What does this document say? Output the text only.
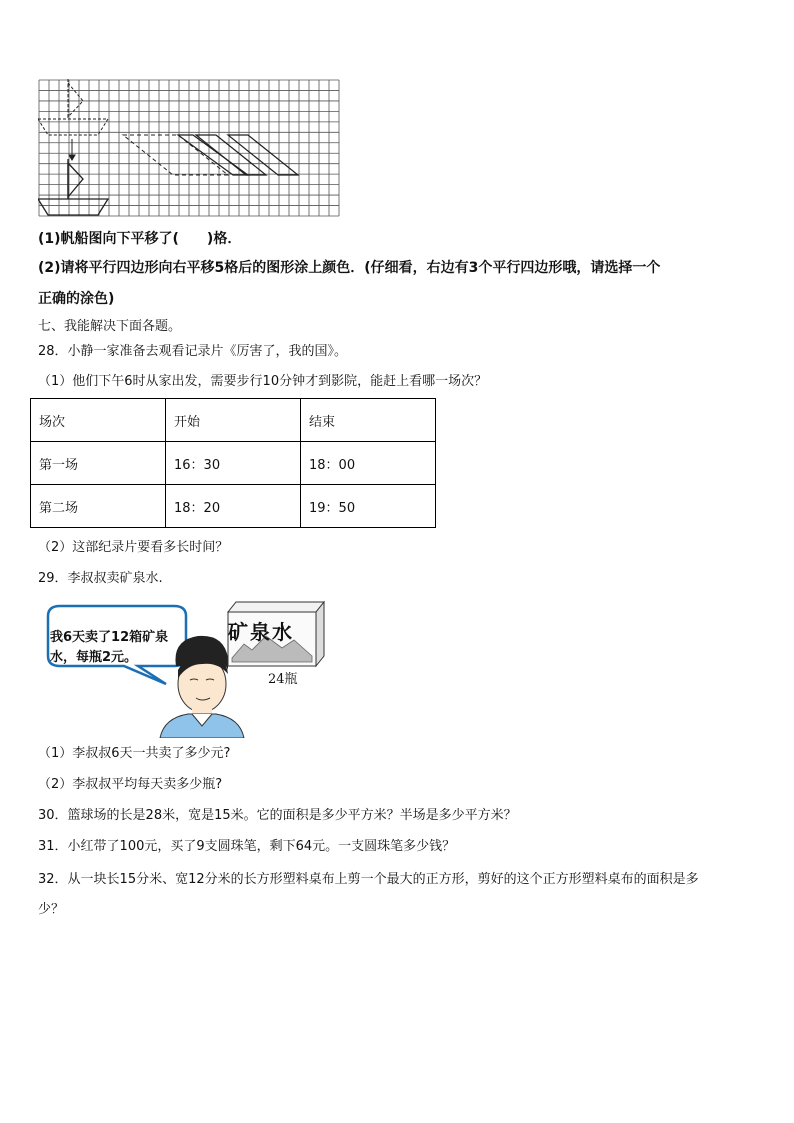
(1)帆船图向下平移了(　　)格．
(2)请将平行四边形向右平移5格后的图形涂上颜色．(仔细看，右边有3个平行四边形哦，请选择一个
正确的涂色)
七、我能解决下面各题。
28．小静一家准备去观看记录片《厉害了，我的国》。
（1）他们下午6时从家出发，需要步行10分钟才到影院，能赶上看哪一场次？
场次	开始	结束
第一场	16：30	18：00
第二场	18：20	19：50
（2）这部纪录片要看多长时间？
29．李叔叔卖矿泉水.
我6天卖了12箱矿泉水，每瓶2元。
矿泉水
24瓶
（1）李叔叔6天一共卖了多少元?
（2）李叔叔平均每天卖多少瓶?
30．篮球场的长是28米，宽是15米。它的面积是多少平方米？半场是多少平方米？
31．小红带了100元，买了9支圆珠笔，剩下64元。一支圆珠笔多少钱？
32．从一块长15分米、宽12分米的长方形塑料桌布上剪一个最大的正方形，剪好的这个正方形塑料桌布的面积是多
少？
